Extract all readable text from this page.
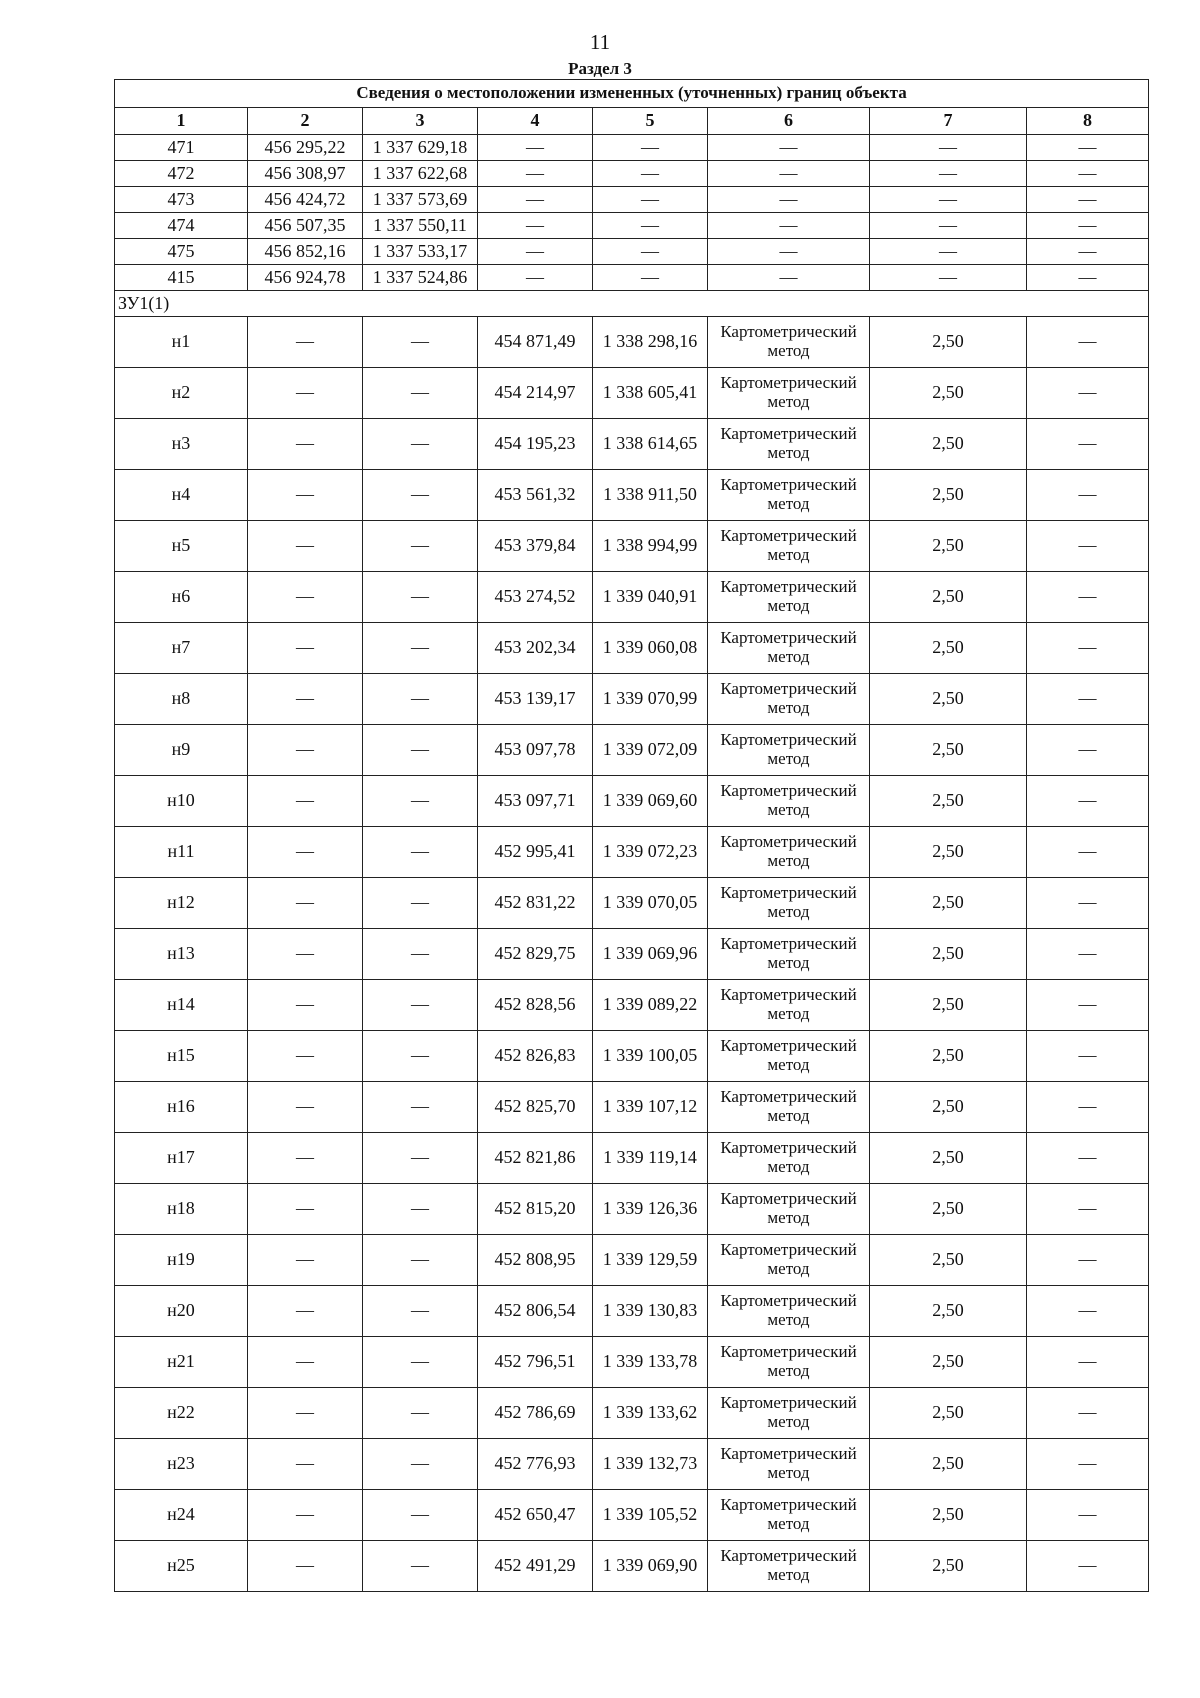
11
Раздел 3
Сведения о местоположении измененных (уточненных) границ объекта							
1	2	3	4	5	6	7	8
471	456 295,22	1 337 629,18	—	—	—	—	—
472	456 308,97	1 337 622,68	—	—	—	—	—
473	456 424,72	1 337 573,69	—	—	—	—	—
474	456 507,35	1 337 550,11	—	—	—	—	—
475	456 852,16	1 337 533,17	—	—	—	—	—
415	456 924,78	1 337 524,86	—	—	—	—	—
ЗУ1(1)							
н1	—	—	454 871,49	1 338 298,16	Картометрический метод	2,50	—
н2	—	—	454 214,97	1 338 605,41	Картометрический метод	2,50	—
н3	—	—	454 195,23	1 338 614,65	Картометрический метод	2,50	—
н4	—	—	453 561,32	1 338 911,50	Картометрический метод	2,50	—
н5	—	—	453 379,84	1 338 994,99	Картометрический метод	2,50	—
н6	—	—	453 274,52	1 339 040,91	Картометрический метод	2,50	—
н7	—	—	453 202,34	1 339 060,08	Картометрический метод	2,50	—
н8	—	—	453 139,17	1 339 070,99	Картометрический метод	2,50	—
н9	—	—	453 097,78	1 339 072,09	Картометрический метод	2,50	—
н10	—	—	453 097,71	1 339 069,60	Картометрический метод	2,50	—
н11	—	—	452 995,41	1 339 072,23	Картометрический метод	2,50	—
н12	—	—	452 831,22	1 339 070,05	Картометрический метод	2,50	—
н13	—	—	452 829,75	1 339 069,96	Картометрический метод	2,50	—
н14	—	—	452 828,56	1 339 089,22	Картометрический метод	2,50	—
н15	—	—	452 826,83	1 339 100,05	Картометрический метод	2,50	—
н16	—	—	452 825,70	1 339 107,12	Картометрический метод	2,50	—
н17	—	—	452 821,86	1 339 119,14	Картометрический метод	2,50	—
н18	—	—	452 815,20	1 339 126,36	Картометрический метод	2,50	—
н19	—	—	452 808,95	1 339 129,59	Картометрический метод	2,50	—
н20	—	—	452 806,54	1 339 130,83	Картометрический метод	2,50	—
н21	—	—	452 796,51	1 339 133,78	Картометрический метод	2,50	—
н22	—	—	452 786,69	1 339 133,62	Картометрический метод	2,50	—
н23	—	—	452 776,93	1 339 132,73	Картометрический метод	2,50	—
н24	—	—	452 650,47	1 339 105,52	Картометрический метод	2,50	—
н25	—	—	452 491,29	1 339 069,90	Картометрический метод	2,50	—
